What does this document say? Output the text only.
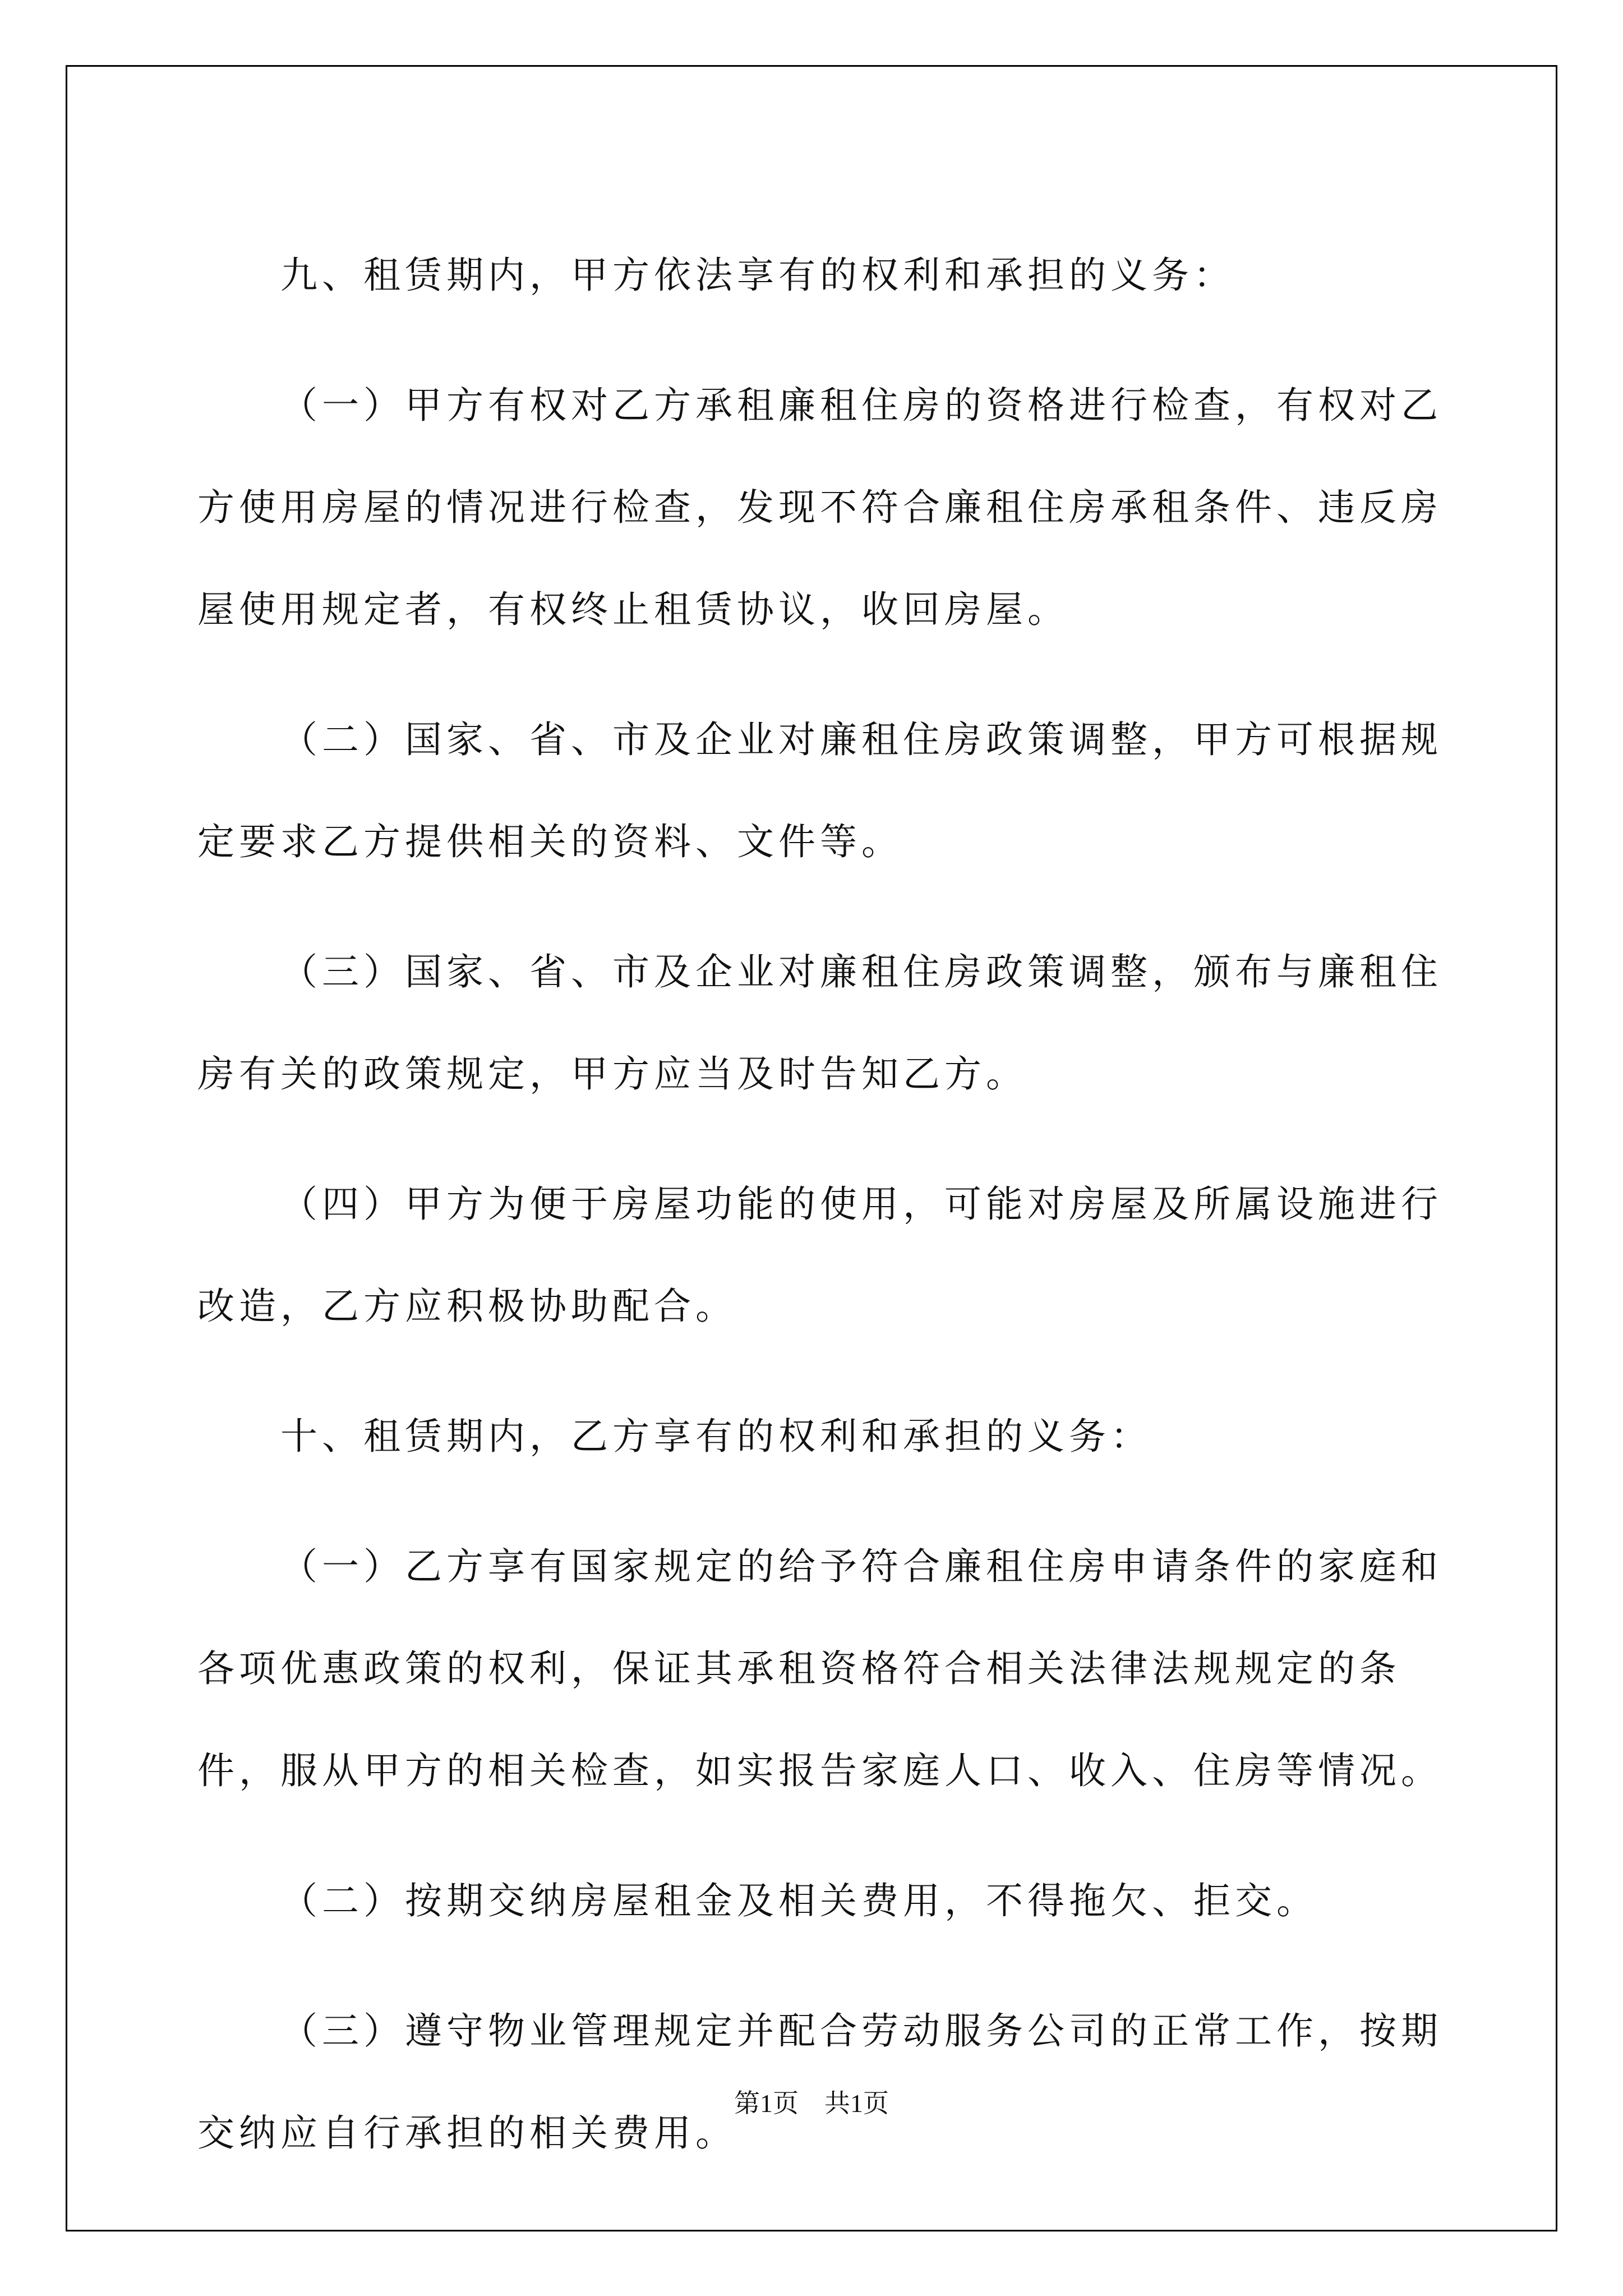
九、租赁期内，甲方依法享有的权利和承担的义务：

（一）甲方有权对乙方承租廉租住房的资格进行检查，有权对乙方使用房屋的情况进行检查，发现不符合廉租住房承租条件、违反房屋使用规定者，有权终止租赁协议，收回房屋。

（二）国家、省、市及企业对廉租住房政策调整，甲方可根据规定要求乙方提供相关的资料、文件等。

（三）国家、省、市及企业对廉租住房政策调整，颁布与廉租住房有关的政策规定，甲方应当及时告知乙方。

（四）甲方为便于房屋功能的使用，可能对房屋及所属设施进行改造，乙方应积极协助配合。

十、租赁期内，乙方享有的权利和承担的义务：

（一）乙方享有国家规定的给予符合廉租住房申请条件的家庭和各项优惠政策的权利，保证其承租资格符合相关法律法规规定的条件，服从甲方的相关检查，如实报告家庭人口、收入、住房等情况。

（二）按期交纳房屋租金及相关费用，不得拖欠、拒交。

（三）遵守物业管理规定并配合劳动服务公司的正常工作，按期交纳应自行承担的相关费用。

第1页　共1页
